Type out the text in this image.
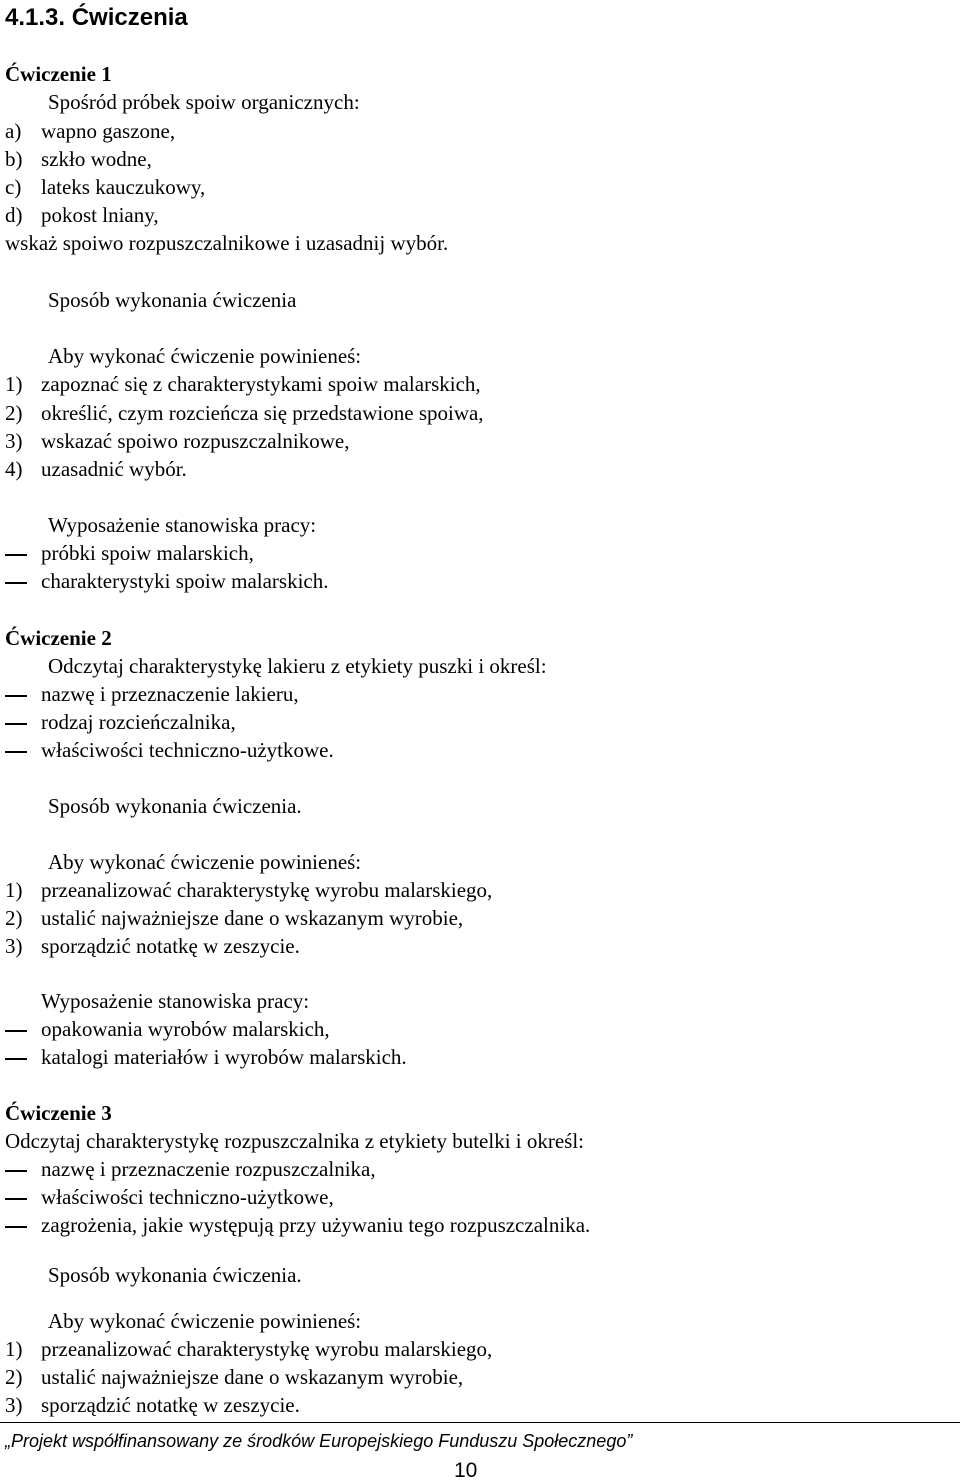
4.1.3. Ćwiczenia
Ćwiczenie 1
Spośród próbek spoiw organicznych:
a) wapno gaszone,
b) szkło wodne,
c) lateks kauczukowy,
d) pokost lniany,
wskaż spoiwo rozpuszczalnikowe i uzasadnij wybór.
Sposób wykonania ćwiczenia
Aby wykonać ćwiczenie powinieneś:
1) zapoznać się z charakterystykami spoiw malarskich,
2) określić, czym rozcieńcza się przedstawione spoiwa,
3) wskazać spoiwo rozpuszczalnikowe,
4) uzasadnić wybór.
Wyposażenie stanowiska pracy:
próbki spoiw malarskich,
charakterystyki spoiw malarskich.
Ćwiczenie 2
Odczytaj charakterystykę lakieru z etykiety puszki i określ:
nazwę i przeznaczenie lakieru,
rodzaj rozcieńczalnika,
właściwości techniczno-użytkowe.
Sposób wykonania ćwiczenia.
Aby wykonać ćwiczenie powinieneś:
1) przeanalizować charakterystykę wyrobu malarskiego,
2) ustalić najważniejsze dane o wskazanym wyrobie,
3) sporządzić notatkę w zeszycie.
Wyposażenie stanowiska pracy:
opakowania wyrobów malarskich,
katalogi materiałów i wyrobów malarskich.
Ćwiczenie 3
Odczytaj charakterystykę rozpuszczalnika z etykiety butelki i określ:
nazwę i przeznaczenie rozpuszczalnika,
właściwości techniczno-użytkowe,
zagrożenia, jakie występują przy używaniu tego rozpuszczalnika.
Sposób wykonania ćwiczenia.
Aby wykonać ćwiczenie powinieneś:
1) przeanalizować charakterystykę wyrobu malarskiego,
2) ustalić najważniejsze dane o wskazanym wyrobie,
3) sporządzić notatkę w zeszycie.
„Projekt współfinansowany ze środków Europejskiego Funduszu Społecznego”
10
